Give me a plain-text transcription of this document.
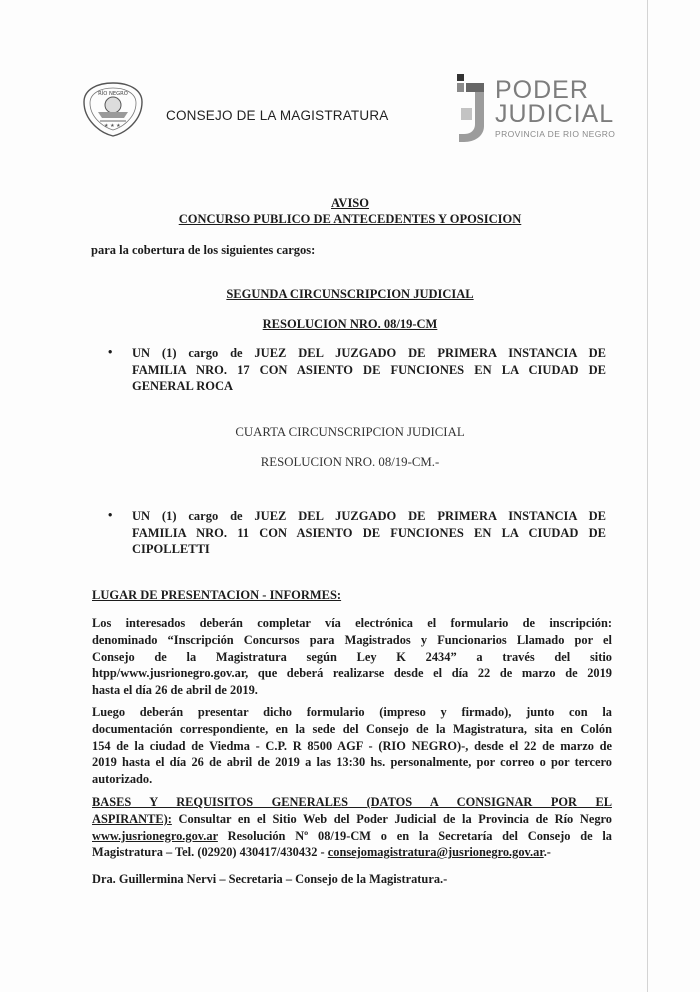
★ ★ ★
RÍO NEGRO
CONSEJO DE LA MAGISTRATURA
PODER
JUDICIAL
PROVINCIA DE RIO NEGRO
AVISO
CONCURSO PUBLICO DE ANTECEDENTES Y OPOSICION
para la cobertura de los siguientes cargos:
SEGUNDA CIRCUNSCRIPCION JUDICIAL
RESOLUCION NRO. 08/19-CM
• UN (1) cargo de JUEZ DEL JUZGADO DE PRIMERA INSTANCIA DE
FAMILIA NRO. 17 CON ASIENTO DE FUNCIONES EN LA CIUDAD DE
GENERAL ROCA
CUARTA CIRCUNSCRIPCION JUDICIAL
RESOLUCION NRO. 08/19-CM.-
• UN (1) cargo de JUEZ DEL JUZGADO DE PRIMERA INSTANCIA DE
FAMILIA NRO. 11 CON ASIENTO DE FUNCIONES EN LA CIUDAD DE
CIPOLLETTI
LUGAR DE PRESENTACION - INFORMES:
Los interesados deberán completar vía electrónica el formulario de inscripción:
denominado “Inscripción Concursos para Magistrados y Funcionarios Llamado por el
Consejo de la Magistratura según Ley K 2434” a través del sitio
htpp/www.jusrionegro.gov.ar, que deberá realizarse desde el día 22 de marzo de 2019
hasta el día 26 de abril de 2019.
Luego deberán presentar dicho formulario (impreso y firmado), junto con la
documentación correspondiente, en la sede del Consejo de la Magistratura, sita en Colón
154 de la ciudad de Viedma - C.P. R 8500 AGF - (RIO NEGRO)-, desde el 22 de marzo de
2019 hasta el día 26 de abril de 2019 a las 13:30 hs. personalmente, por correo o por tercero
autorizado.
BASES Y REQUISITOS GENERALES (DATOS A CONSIGNAR POR EL
ASPIRANTE): Consultar en el Sitio Web del Poder Judicial de la Provincia de Río Negro
www.jusrionegro.gov.ar Resolución Nº 08/19-CM o en la Secretaría del Consejo de la
Magistratura – Tel. (02920) 430417/430432 - consejomagistratura@jusrionegro.gov.ar.-
Dra. Guillermina Nervi – Secretaria – Consejo de la Magistratura.-
